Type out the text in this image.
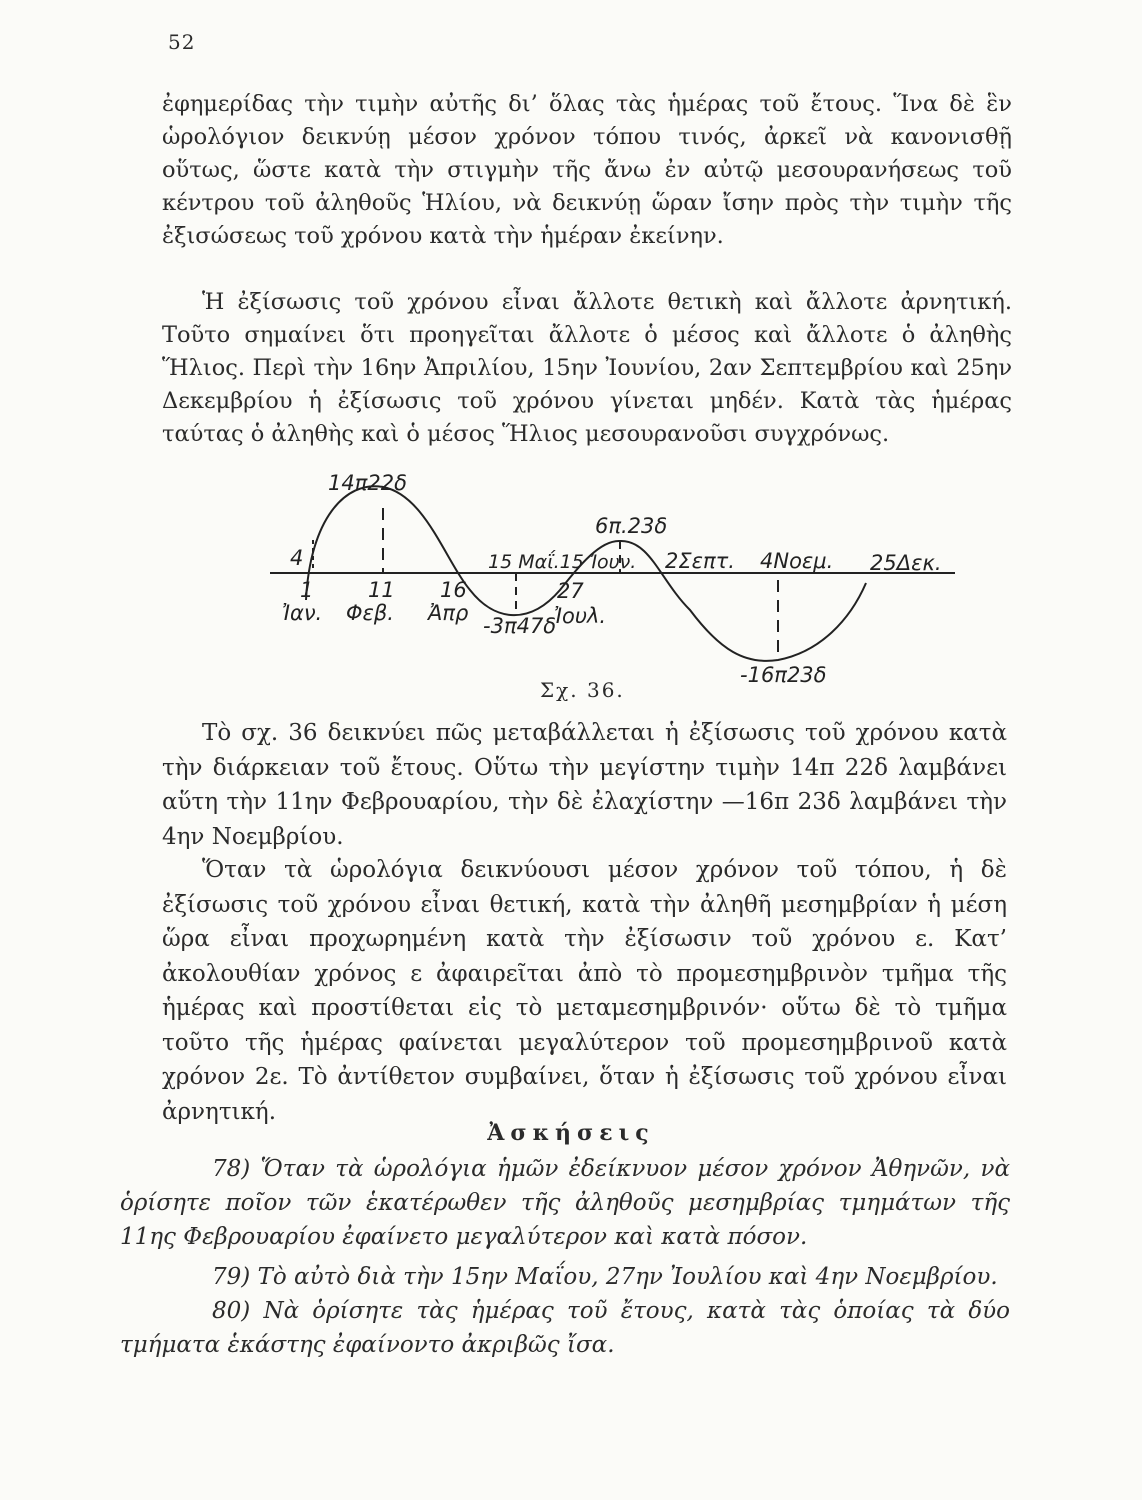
52

ἐφημερίδας τὴν τιμὴν αὐτῆς δι’ ὅλας τὰς ἡμέρας τοῦ ἔτους. Ἵνα δὲ ἓν ὡρολόγιον δεικνύῃ μέσον χρόνον τόπου τινός, ἀρκεῖ νὰ κανονισθῇ οὕτως, ὥστε κατὰ τὴν στιγμὴν τῆς ἄνω ἐν αὐτῷ μεσουρανήσεως τοῦ κέντρου τοῦ ἀληθοῦς Ἡλίου, νὰ δεικνύῃ ὥραν ἴσην πρὸς τὴν τιμὴν τῆς ἐξισώσεως τοῦ χρόνου κατὰ τὴν ἡμέραν ἐκείνην.

Ἡ ἐξίσωσις τοῦ χρόνου εἶναι ἄλλοτε θετικὴ καὶ ἄλλοτε ἀρνητική. Τοῦτο σημαίνει ὅτι προηγεῖται ἄλλοτε ὁ μέσος καὶ ἄλλοτε ὁ ἀληθὴς Ἥλιος. Περὶ τὴν 16ην Ἀπριλίου, 15ην Ἰουνίου, 2αν Σεπτεμβρίου καὶ 25ην Δεκεμβρίου ἡ ἐξίσωσις τοῦ χρόνου γίνεται μηδέν. Κατὰ τὰς ἡμέρας ταύτας ὁ ἀληθὴς καὶ ὁ μέσος Ἥλιος μεσουρανοῦσι συγχρόνως.

14π22δ
6π.23δ
4	15 Μαΐ.15 Ἰουν. 2Σεπτ. 4Νοεμ. 25Δεκ.
1
Ἰαν.
11
Φεβ.
16
Ἀπρ
-3π47δ
27
Ἰουλ.
-16π23δ
Σχ. 36.

Τὸ σχ. 36 δεικνύει πῶς μεταβάλλεται ἡ ἐξίσωσις τοῦ χρόνου κατὰ τὴν διάρκειαν τοῦ ἔτους. Οὕτω τὴν μεγίστην τιμὴν 14π 22δ λαμβάνει αὕτη τὴν 11ην Φεβρουαρίου, τὴν δὲ ἐλαχίστην —16π 23δ λαμβάνει τὴν 4ην Νοεμβρίου.

Ὅταν τὰ ὡρολόγια δεικνύουσι μέσον χρόνον τοῦ τόπου, ἡ δὲ ἐξίσωσις τοῦ χρόνου εἶναι θετική, κατὰ τὴν ἀληθῆ μεσημβρίαν ἡ μέση ὥρα εἶναι προχωρημένη κατὰ τὴν ἐξίσωσιν τοῦ χρόνου ε. Κατ’ ἀκολουθίαν χρόνος ε ἀφαιρεῖται ἀπὸ τὸ προμεσημβρινὸν τμῆμα τῆς ἡμέρας καὶ προστίθεται εἰς τὸ μεταμεσημβρινόν· οὕτω δὲ τὸ τμῆμα τοῦτο τῆς ἡμέρας φαίνεται μεγαλύτερον τοῦ προμεσημβρινοῦ κατὰ χρόνον 2ε. Τὸ ἀντίθετον συμβαίνει, ὅταν ἡ ἐξίσωσις τοῦ χρόνου εἶναι ἀρνητική.

Ἀσκήσεις

78) Ὅταν τὰ ὡρολόγια ἡμῶν ἐδείκνυον μέσον χρόνον Ἀθηνῶν, νὰ ὁρίσητε ποῖον τῶν ἑκατέρωθεν τῆς ἀληθοῦς μεσημβρίας τμημάτων τῆς 11ης Φεβρουαρίου ἐφαίνετο μεγαλύτερον καὶ κατὰ πόσον.

79) Τὸ αὐτὸ διὰ τὴν 15ην Μαΐου, 27ην Ἰουλίου καὶ 4ην Νοεμβρίου.

80) Νὰ ὁρίσητε τὰς ἡμέρας τοῦ ἔτους, κατὰ τὰς ὁποίας τὰ δύο τμήματα ἑκάστης ἐφαίνοντο ἀκριβῶς ἴσα.
